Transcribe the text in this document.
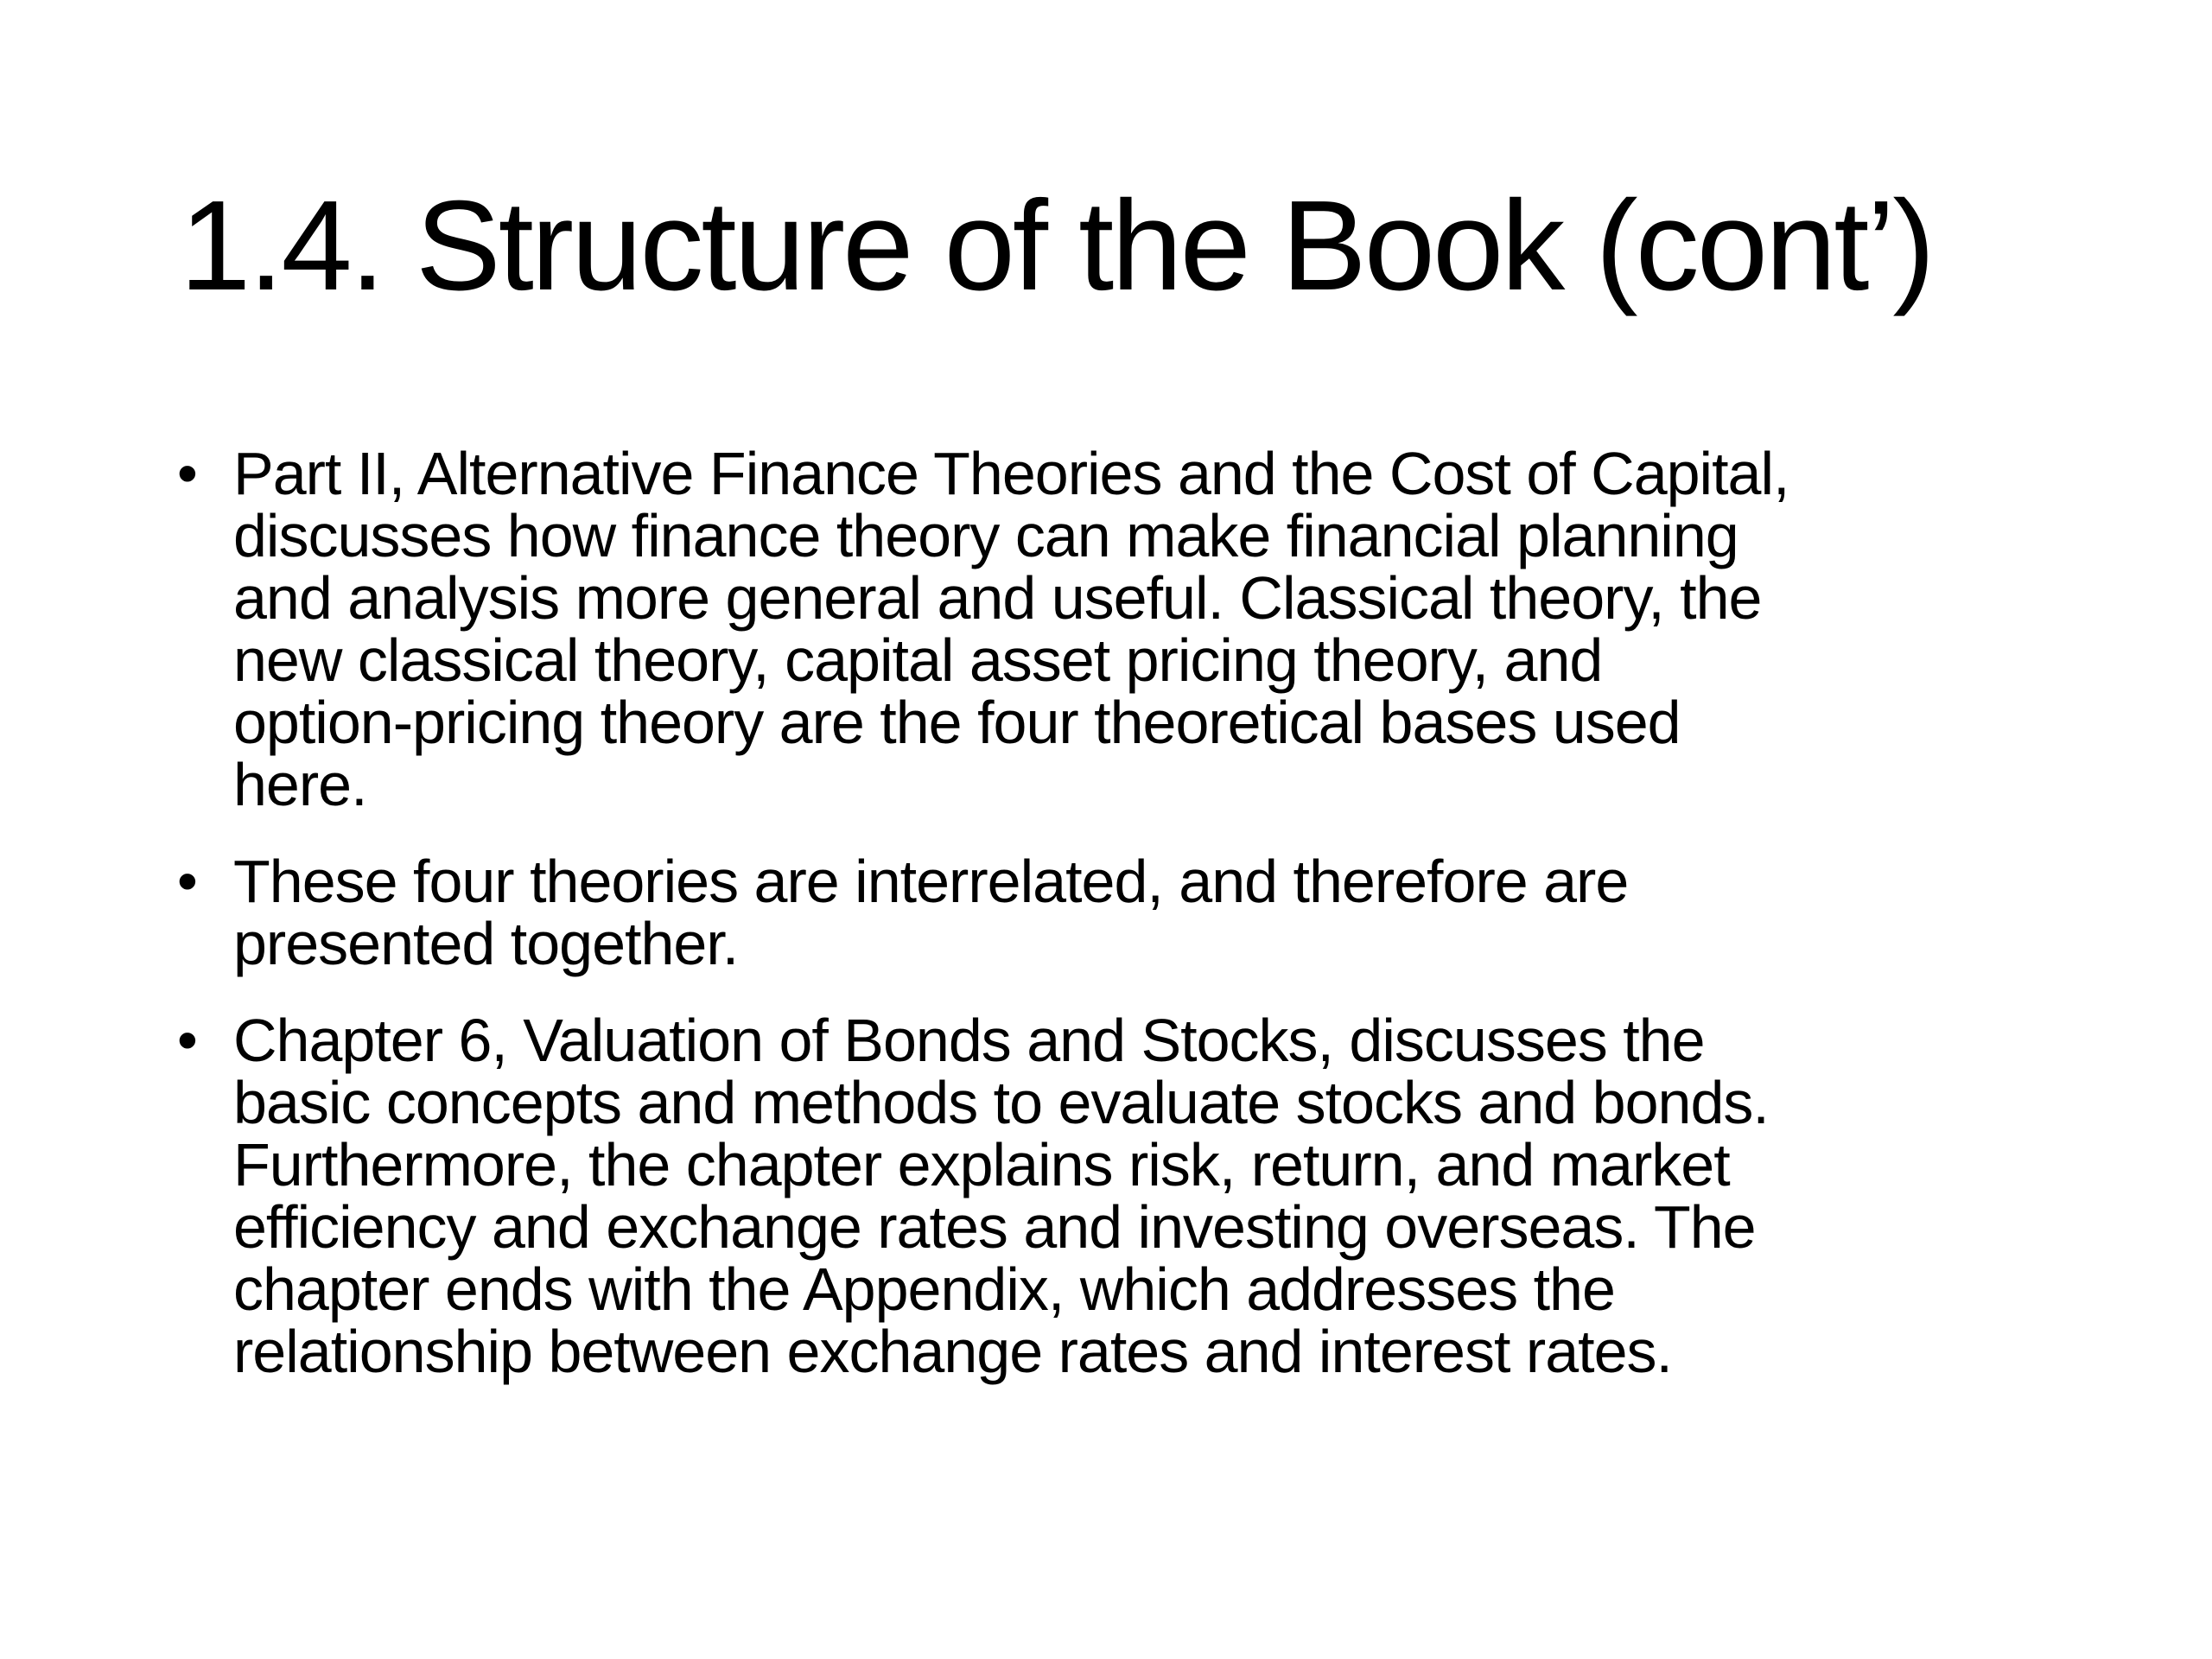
1.4. Structure of the Book (cont’)
• Part II, Alternative Finance Theories and the Cost of Capital,
discusses how finance theory can make financial planning
and analysis more general and useful. Classical theory, the
new classical theory, capital asset pricing theory, and
option-pricing theory are the four theoretical bases used
here.
• These four theories are interrelated, and therefore are
presented together.
• Chapter 6, Valuation of Bonds and Stocks, discusses the
basic concepts and methods to evaluate stocks and bonds.
Furthermore, the chapter explains risk, return, and market
efficiency and exchange rates and investing overseas. The
chapter ends with the Appendix, which addresses the
relationship between exchange rates and interest rates.
